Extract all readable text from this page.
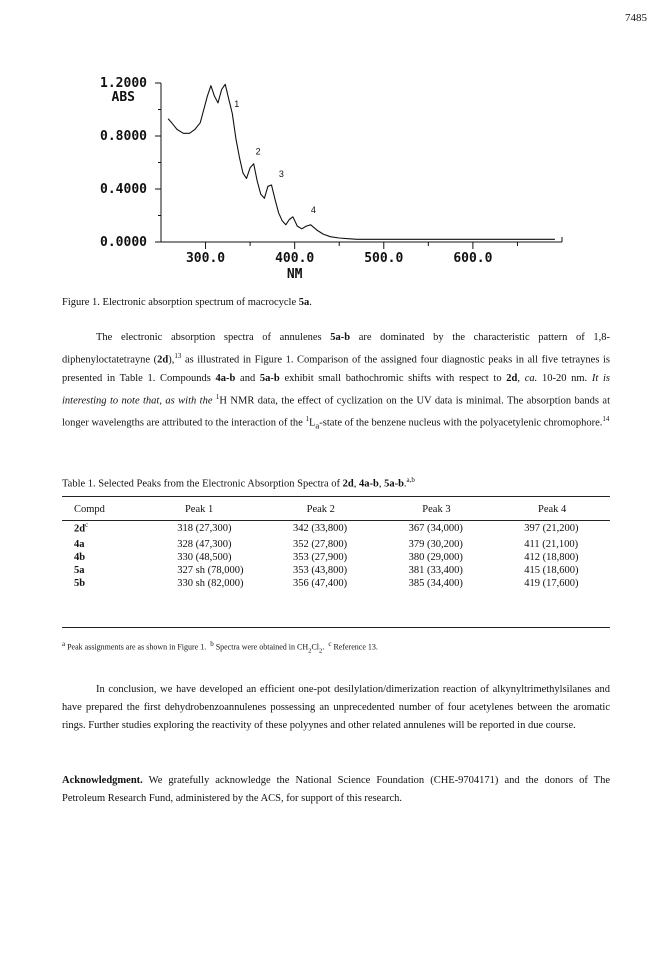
7485
0.0000
0.4000
0.8000
1.2000
ABS
300.0	400.0	500.0	600.0
NM
1
2
3
4
Figure 1. Electronic absorption spectrum of macrocycle 5a.

The electronic absorption spectra of annulenes 5a-b are dominated by the characteristic pattern of 1,8-diphenyloctatetrayne (2d),$^{13}$ as illustrated in Figure 1. Comparison of the assigned four diagnostic peaks in all five tetraynes is presented in Table 1. Compounds 4a-b and 5a-b exhibit small bathochromic shifts with respect to 2d, ca. 10-20 nm. It is interesting to note that, as with the $^1$H NMR data, the effect of cyclization on the UV data is minimal. The absorption bands at longer wavelengths are attributed to the interaction of the $^1L_a$-state of the benzene nucleus with the polyacetylenic chromophore.$^{14}$

Table 1. Selected Peaks from the Electronic Absorption Spectra of 2d, 4a-b, 5a-b.$^{a,b}$
Compd	Peak 1	Peak 2	Peak 3	Peak 4
$2d^c$	318 (27,300)	342 (33,800)	367 (34,000)	397 (21,200)
4a	328 (47,300)	352 (27,800)	379 (30,200)	411 (21,100)
4b	330 (48,500)	353 (27,900)	380 (29,000)	412 (18,800)
5a	327 sh (78,000)	353 (43,800)	381 (33,400)	415 (18,600)
5b	330 sh (82,000)	356 (47,400)	385 (34,400)	419 (17,600)
$^a$ Peak assignments are as shown in Figure 1.  $^b$ Spectra were obtained in $CH_2Cl_2$.  $^c$ Reference 13.

In conclusion, we have developed an efficient one-pot desilylation/dimerization reaction of alkynyltrimethylsilanes and have prepared the first dehydrobenzoannulenes possessing an unprecedented number of four acetylenes between the aromatic rings. Further studies exploring the reactivity of these polyynes and other related annulenes will be reported in due course.

Acknowledgment. We gratefully acknowledge the National Science Foundation (CHE-9704171) and the donors of The Petroleum Research Fund, administered by the ACS, for support of this research.
